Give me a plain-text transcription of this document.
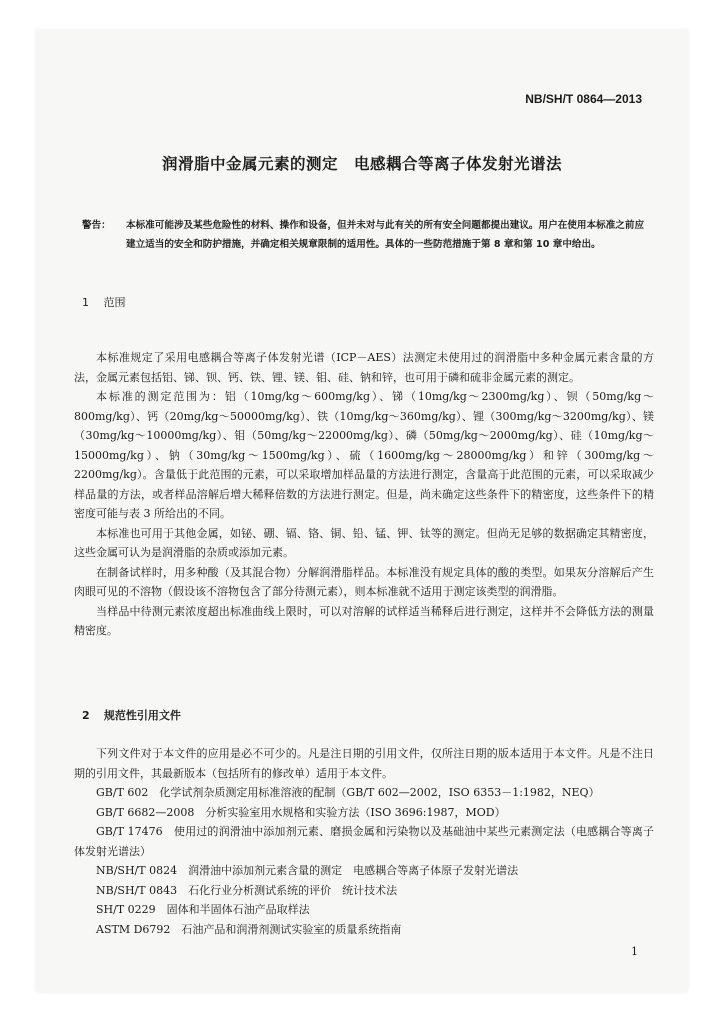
NB/SH/T 0864—2013
润滑脂中金属元素的测定　电感耦合等离子体发射光谱法
警告：	本标准可能涉及某些危险性的材料、操作和设备，但并未对与此有关的所有安全问题都提出建议。用户在使用本标准之前应建立适当的安全和防护措施，并确定相关规章限制的适用性。具体的一些防范措施于第 8 章和第 10 章中给出。
1 范围

本标准规定了采用电感耦合等离子体发射光谱（ICP－AES）法测定未使用过的润滑脂中多种金属元素含量的方法，金属元素包括铝、锑、钡、钙、铁、锂、镁、钼、硅、钠和锌，也可用于磷和硫非金属元素的测定。

本标准的测定范围为：铝（10mg/kg～600mg/kg）、锑（10mg/kg～2300mg/kg）、钡（50mg/kg～800mg/kg）、钙（20mg/kg～50000mg/kg）、铁（10mg/kg～360mg/kg）、锂（300mg/kg～3200mg/kg）、镁（30mg/kg～10000mg/kg）、钼（50mg/kg～22000mg/kg）、磷（50mg/kg～2000mg/kg）、硅（10mg/kg～15000mg/kg）、钠（30mg/kg～1500mg/kg）、硫（1600mg/kg～28000mg/kg）和锌（300mg/kg～2200mg/kg）。含量低于此范围的元素，可以采取增加样品量的方法进行测定，含量高于此范围的元素，可以采取减少样品量的方法，或者样品溶解后增大稀释倍数的方法进行测定。但是，尚未确定这些条件下的精密度，这些条件下的精密度可能与表 3 所给出的不同。

本标准也可用于其他金属，如铋、硼、镉、铬、铜、铅、锰、钾、钛等的测定。但尚无足够的数据确定其精密度，这些金属可认为是润滑脂的杂质或添加元素。

在制备试样时，用多种酸（及其混合物）分解润滑脂样品。本标准没有规定具体的酸的类型。如果灰分溶解后产生肉眼可见的不溶物（假设该不溶物包含了部分待测元素），则本标准就不适用于测定该类型的润滑脂。

当样品中待测元素浓度超出标准曲线上限时，可以对溶解的试样适当稀释后进行测定，这样并不会降低方法的测量精密度。

2 规范性引用文件

下列文件对于本文件的应用是必不可少的。凡是注日期的引用文件，仅所注日期的版本适用于本文件。凡是不注日期的引用文件，其最新版本（包括所有的修改单）适用于本文件。

GB/T 602　化学试剂杂质测定用标准溶液的配制（GB/T 602—2002，ISO 6353－1:1982，NEQ）

GB/T 6682—2008　分析实验室用水规格和实验方法（ISO 3696:1987，MOD）

GB/T 17476　使用过的润滑油中添加剂元素、磨损金属和污染物以及基础油中某些元素测定法（电感耦合等离子体发射光谱法）

NB/SH/T 0824　润滑油中添加剂元素含量的测定　电感耦合等离子体原子发射光谱法

NB/SH/T 0843　石化行业分析测试系统的评价　统计技术法

SH/T 0229　固体和半固体石油产品取样法

ASTM D6792　石油产品和润滑剂测试实验室的质量系统指南

1
